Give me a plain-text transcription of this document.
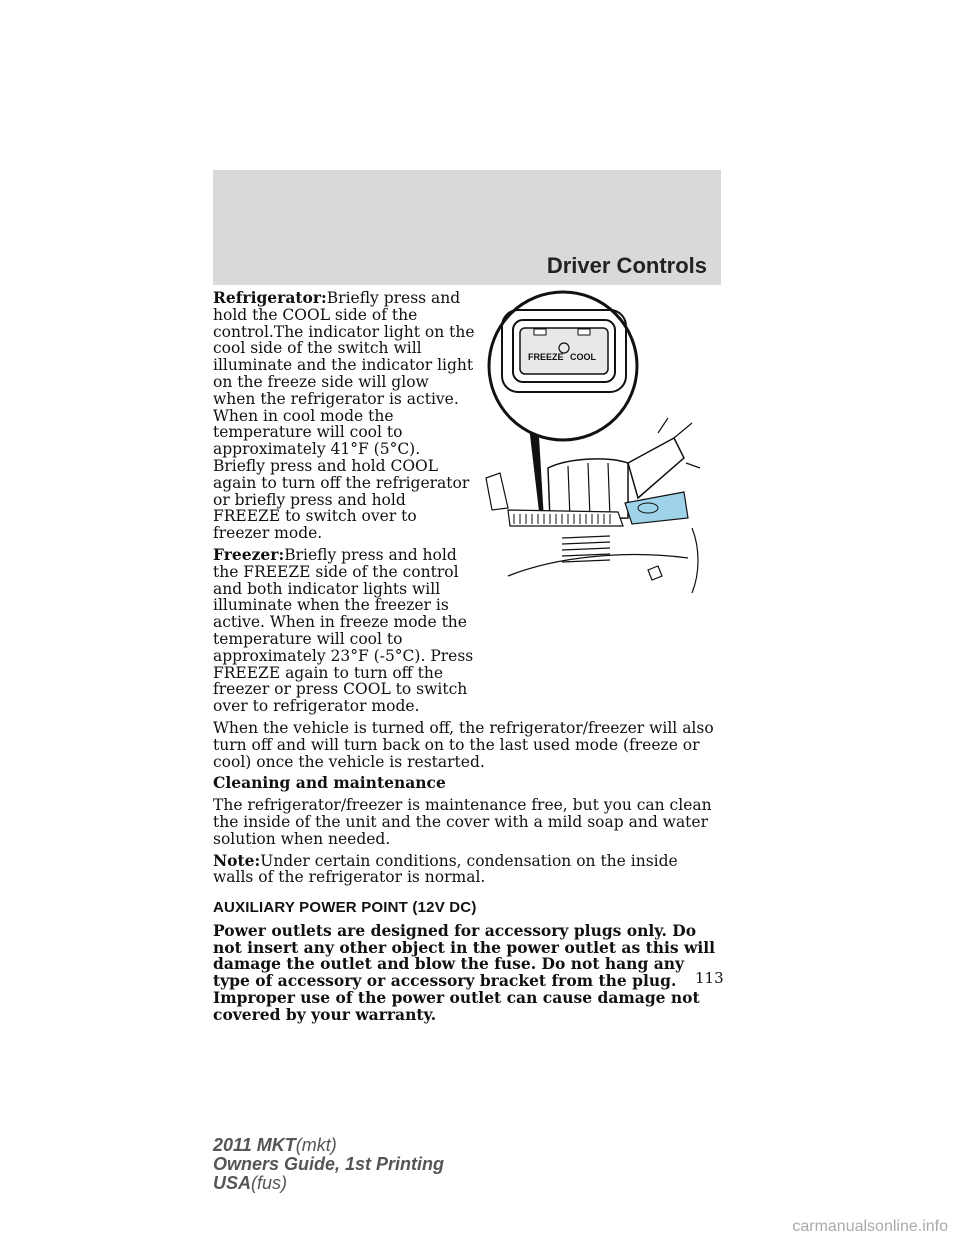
Driver Controls
FREEZE COOL

Refrigerator:Briefly press and hold the COOL side of the control.The indicator light on the cool side of the switch will illuminate and the indicator light on the freeze side will glow when the refrigerator is active. When in cool mode the temperature will cool to approximately 41°F (5°C). Briefly press and hold COOL again to turn off the refrigerator or briefly press and hold FREEZE to switch over to freezer mode.

Freezer:Briefly press and hold the FREEZE side of the control and both indicator lights will illuminate when the freezer is active. When in freeze mode the temperature will cool to approximately 23°F (-5°C). Press FREEZE again to turn off the freezer or press COOL to switch over to refrigerator mode.

When the vehicle is turned off, the refrigerator/freezer will also turn off and will turn back on to the last used mode (freeze or cool) once the vehicle is restarted.

Cleaning and maintenance

The refrigerator/freezer is maintenance free, but you can clean the inside of the unit and the cover with a mild soap and water solution when needed.

Note:Under certain conditions, condensation on the inside walls of the refrigerator is normal.

AUXILIARY POWER POINT (12V DC)

Power outlets are designed for accessory plugs only. Do not insert any other object in the power outlet as this will damage the outlet and blow the fuse. Do not hang any type of accessory or accessory bracket from the plug. Improper use of the power outlet can cause damage not covered by your warranty.

113
2011 MKT(mkt)
Owners Guide, 1st Printing
USA(fus)
carmanualsonline.info
